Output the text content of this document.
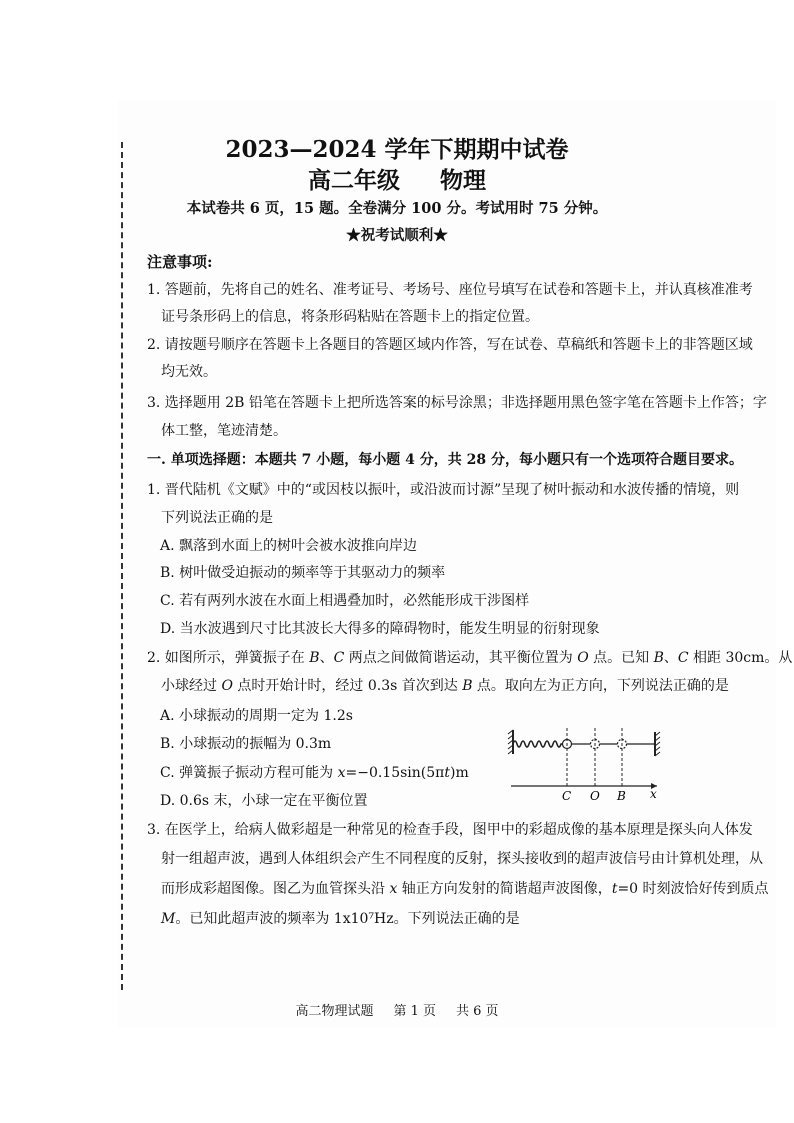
2023—2024 学年下期期中试卷
高二年级 物理
本试卷共 6 页，15 题。全卷满分 100 分。考试用时 75 分钟。
★祝考试顺利★
注意事项:
1. 答题前，先将自己的姓名、准考证号、考场号、座位号填写在试卷和答题卡上，并认真核准准考
证号条形码上的信息，将条形码粘贴在答题卡上的指定位置。
2. 请按题号顺序在答题卡上各题目的答题区域内作答，写在试卷、草稿纸和答题卡上的非答题区域
均无效。
3. 选择题用 2B 铅笔在答题卡上把所选答案的标号涂黑；非选择题用黑色签字笔在答题卡上作答；字
体工整，笔迹清楚。
一. 单项选择题：本题共 7 小题，每小题 4 分，共 28 分，每小题只有一个选项符合题目要求。
1. 晋代陆机《文赋》中的“或因枝以振叶，或沿波而讨源”呈现了树叶振动和水波传播的情境，则
下列说法正确的是
A. 飘落到水面上的树叶会被水波推向岸边
B. 树叶做受迫振动的频率等于其驱动力的频率
C. 若有两列水波在水面上相遇叠加时，必然能形成干涉图样
D. 当水波遇到尺寸比其波长大得多的障碍物时，能发生明显的衍射现象
2. 如图所示，弹簧振子在 B、C 两点之间做简谐运动，其平衡位置为 O 点。已知 B、C 相距 30cm。从
小球经过 O 点时开始计时，经过 0.3s 首次到达 B 点。取向左为正方向，下列说法正确的是
A. 小球振动的周期一定为 1.2s
B. 小球振动的振幅为 0.3m
C. 弹簧振子振动方程可能为 x=−0.15sin(5πt)m
D. 0.6s 末，小球一定在平衡位置	C O B x
3. 在医学上，给病人做彩超是一种常见的检查手段，图甲中的彩超成像的基本原理是探头向人体发
射一组超声波，遇到人体组织会产生不同程度的反射，探头接收到的超声波信号由计算机处理，从
而形成彩超图像。图乙为血管探头沿 x 轴正方向发射的简谐超声波图像，t=0 时刻波恰好传到质点
M。已知此超声波的频率为 1x10⁷Hz。下列说法正确的是
高二物理试题 第 1 页 共 6 页
